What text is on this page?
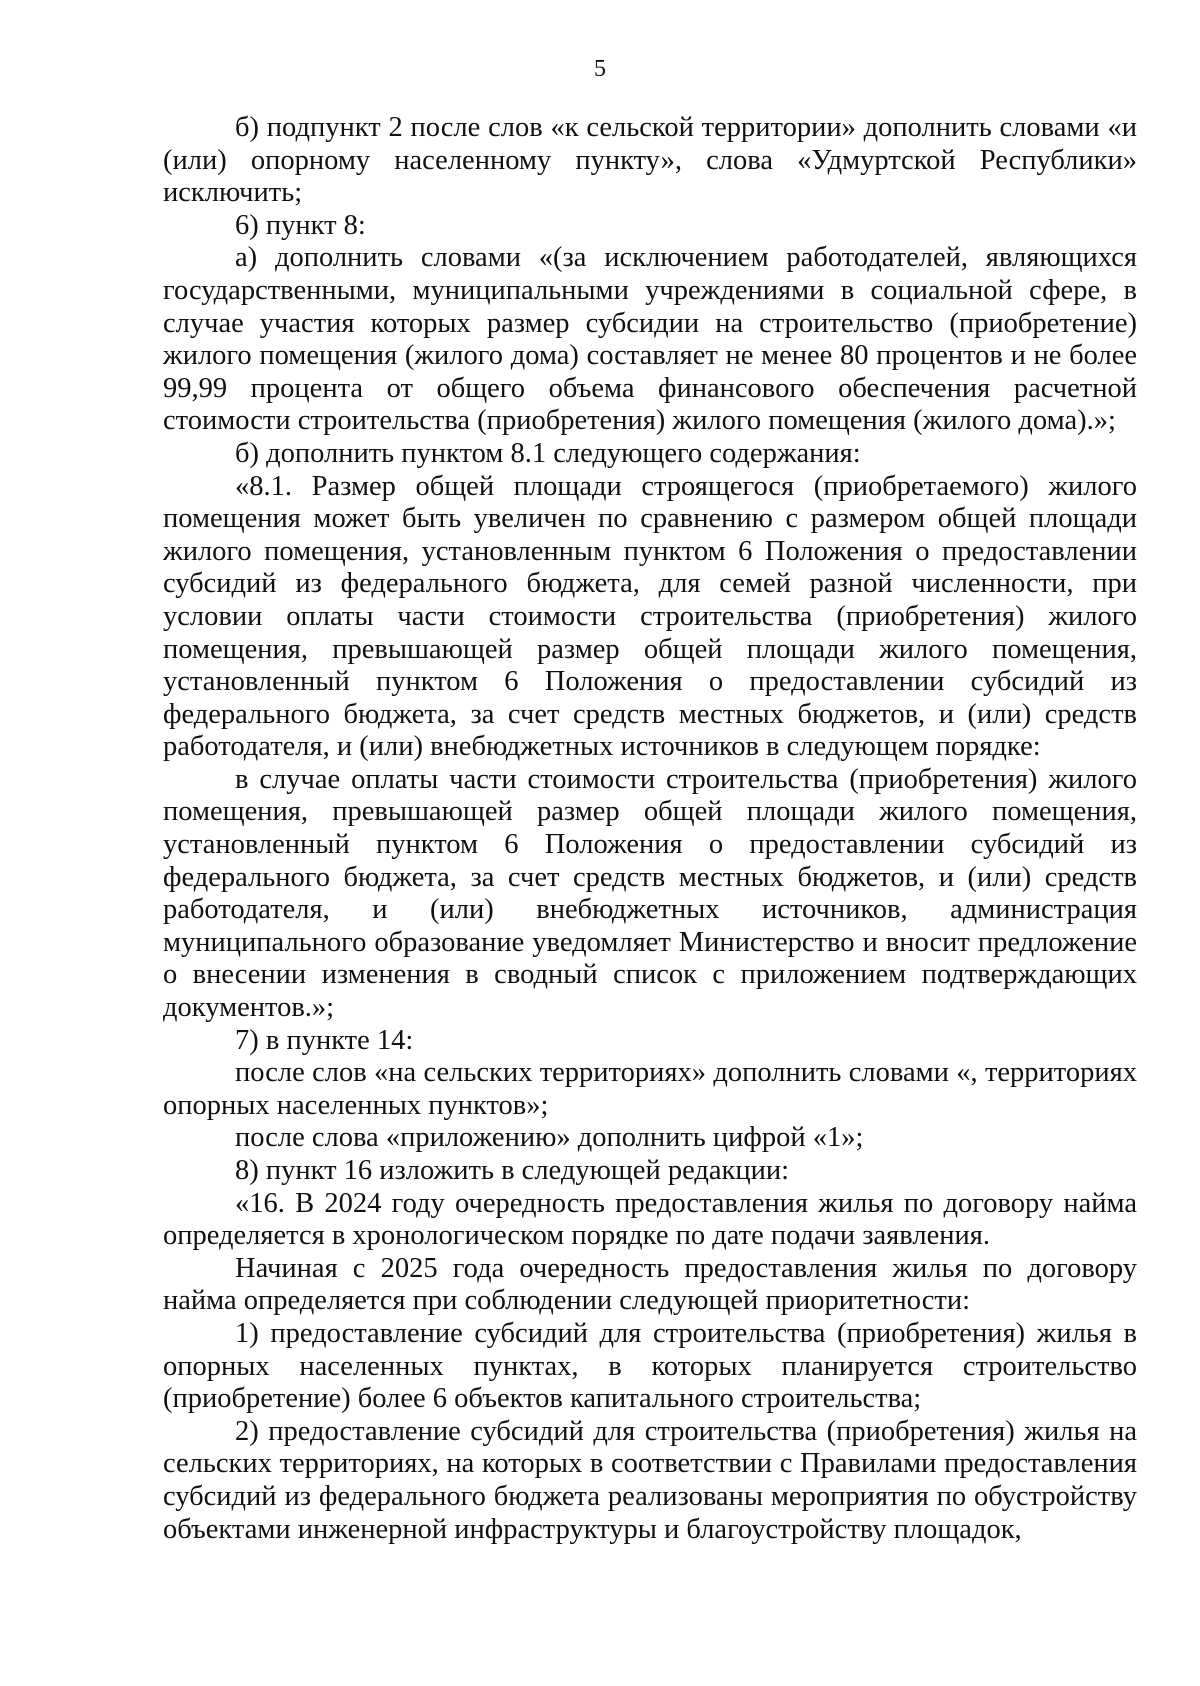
5

б) подпункт 2 после слов «к сельской территории» дополнить словами «и (или) опорному населенному пункту», слова «Удмуртской Республики» исключить;

6) пункт 8:

а) дополнить словами «(за исключением работодателей, являющихся государственными, муниципальными учреждениями в социальной сфере, в случае участия которых размер субсидии на строительство (приобретение) жилого помещения (жилого дома) составляет не менее 80 процентов и не более 99,99 процента от общего объема финансового обеспечения расчетной стоимости строительства (приобретения) жилого помещения (жилого дома).»;

б) дополнить пунктом 8.1 следующего содержания:

«8.1. Размер общей площади строящегося (приобретаемого) жилого помещения может быть увеличен по сравнению с размером общей площади жилого помещения, установленным пунктом 6 Положения о предоставлении субсидий из федерального бюджета, для семей разной численности, при условии оплаты части стоимости строительства (приобретения) жилого помещения, превышающей размер общей площади жилого помещения, установленный пунктом 6 Положения о предоставлении субсидий из федерального бюджета, за счет средств местных бюджетов, и (или) средств работодателя, и (или) внебюджетных источников в следующем порядке:

в случае оплаты части стоимости строительства (приобретения) жилого помещения, превышающей размер общей площади жилого помещения, установленный пунктом 6 Положения о предоставлении субсидий из федерального бюджета, за счет средств местных бюджетов, и (или) средств работодателя, и (или) внебюджетных источников, администрация муниципального образование уведомляет Министерство и вносит предложение о внесении изменения в сводный список с приложением подтверждающих документов.»;

7) в пункте 14:

после слов «на сельских территориях» дополнить словами «, территориях опорных населенных пунктов»;

после слова «приложению» дополнить цифрой «1»;

8) пункт 16 изложить в следующей редакции:

«16. В 2024 году очередность предоставления жилья по договору найма определяется в хронологическом порядке по дате подачи заявления.

Начиная с 2025 года очередность предоставления жилья по договору найма определяется при соблюдении следующей приоритетности:

1) предоставление субсидий для строительства (приобретения) жилья в опорных населенных пунктах, в которых планируется строительство (приобретение) более 6 объектов капитального строительства;

2) предоставление субсидий для строительства (приобретения) жилья на сельских территориях, на которых в соответствии с Правилами предоставления субсидий из федерального бюджета реализованы мероприятия по обустройству объектами инженерной инфраструктуры и благоустройству площадок,
